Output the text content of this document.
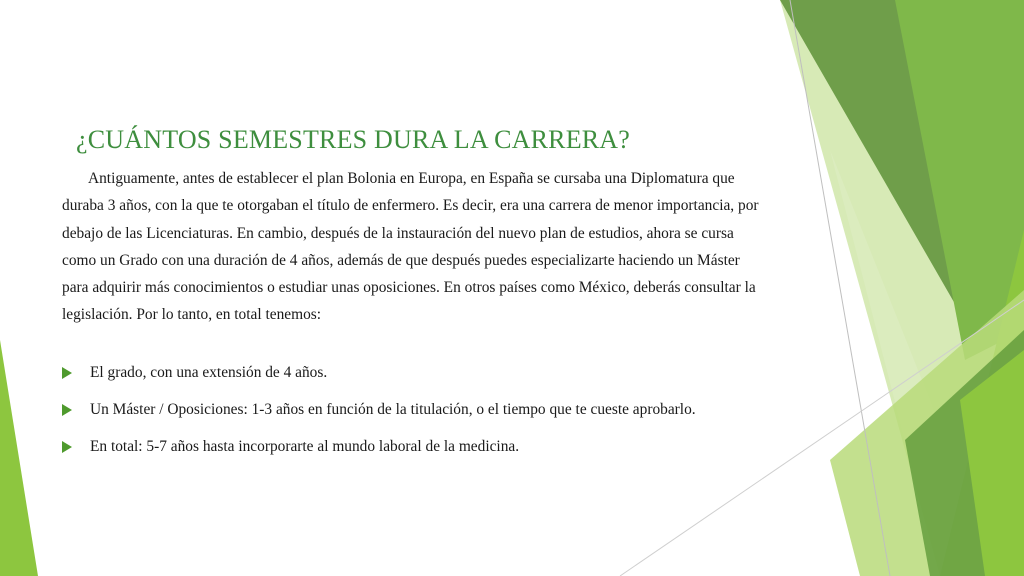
¿CUÁNTOS SEMESTRES DURA LA CARRERA?

Antiguamente, antes de establecer el plan Bolonia en Europa, en España se cursaba una Diplomatura que duraba 3 años, con la que te otorgaban el título de enfermero. Es decir, era una carrera de menor importancia, por debajo de las Licenciaturas. En cambio, después de la instauración del nuevo plan de estudios, ahora se cursa como un Grado con una duración de 4 años, además de que después puedes especializarte haciendo un Máster para adquirir más conocimientos o estudiar unas oposiciones. En otros países como México, deberás consultar la legislación. Por lo tanto, en total tenemos:

El grado, con una extensión de 4 años.
Un Máster / Oposiciones: 1-3 años en función de la titulación, o el tiempo que te cueste aprobarlo.
En total: 5-7 años hasta incorporarte al mundo laboral de la medicina.
